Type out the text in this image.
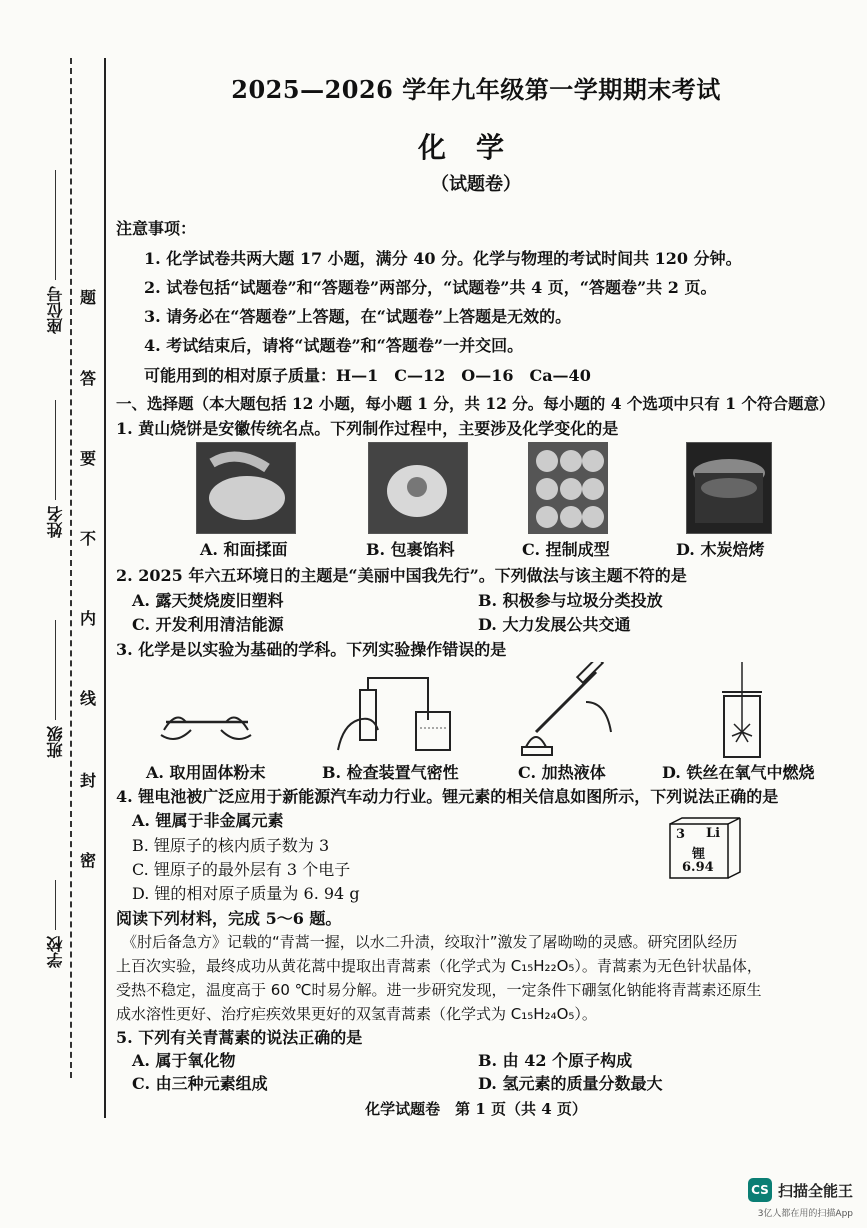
座位号
姓名
班级
学校
题
答
要
不
内
线
封
密
2025—2026 学年九年级第一学期期末考试
化学
（试题卷）
注意事项：
1. 化学试卷共两大题 17 小题，满分 40 分。化学与物理的考试时间共 120 分钟。
2. 试卷包括“试题卷”和“答题卷”两部分，“试题卷”共 4 页，“答题卷”共 2 页。
3. 请务必在“答题卷”上答题，在“试题卷”上答题是无效的。
4. 考试结束后，请将“试题卷”和“答题卷”一并交回。
可能用到的相对原子质量：H—1　C—12　O—16　Ca—40
一、选择题（本大题包括 12 小题，每小题 1 分，共 12 分。每小题的 4 个选项中只有 1 个符合题意）
1. 黄山烧饼是安徽传统名点。下列制作过程中，主要涉及化学变化的是
A. 和面揉面	B. 包裹馅料	C. 捏制成型	D. 木炭焙烤
2. 2025 年六五环境日的主题是“美丽中国我先行”。下列做法与该主题不符的是
A. 露天焚烧废旧塑料	B. 积极参与垃圾分类投放
C. 开发利用清洁能源	D. 大力发展公共交通
3. 化学是以实验为基础的学科。下列实验操作错误的是
A. 取用固体粉末	B. 检查装置气密性	C. 加热液体	D. 铁丝在氧气中燃烧
4. 锂电池被广泛应用于新能源汽车动力行业。锂元素的相关信息如图所示，下列说法正确的是
A. 锂属于非金属元素
B. 锂原子的核内质子数为 3
C. 锂原子的最外层有 3 个电子
D. 锂的相对原子质量为 6. 94 g
3 Li
锂
6.94
阅读下列材料，完成 5～6 题。
《肘后备急方》记载的“青蒿一握，以水二升渍，绞取汁”激发了屠呦呦的灵感。研究团队经历
上百次实验，最终成功从黄花蒿中提取出青蒿素（化学式为 C₁₅H₂₂O₅）。青蒿素为无色针状晶体，
受热不稳定，温度高于 60 ℃时易分解。进一步研究发现，一定条件下硼氢化钠能将青蒿素还原生
成水溶性更好、治疗疟疾效果更好的双氢青蒿素（化学式为 C₁₅H₂₄O₅）。
5. 下列有关青蒿素的说法正确的是
A. 属于氧化物	B. 由 42 个原子构成
C. 由三种元素组成	D. 氢元素的质量分数最大
化学试题卷　第 1 页（共 4 页）
CS 扫描全能王
3亿人都在用的扫描App
